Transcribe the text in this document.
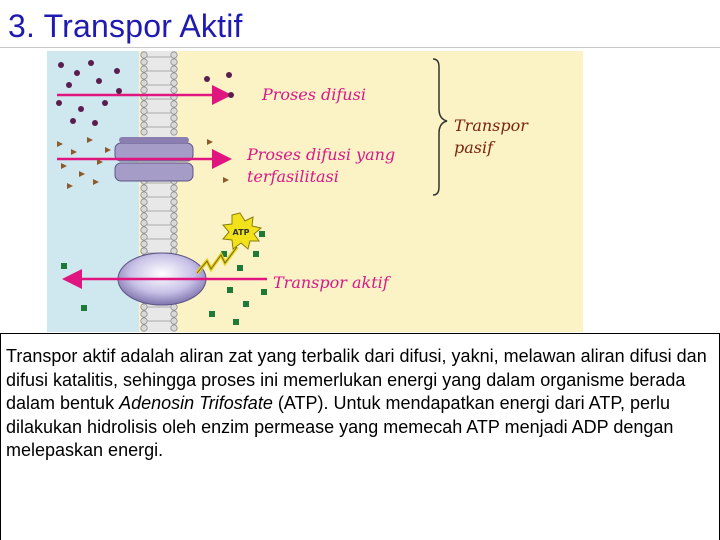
3. Transpor Aktif
ATP
Proses difusi
Proses difusi yang
terfasilitasi
Transpor aktif
Transpor
pasif

Transpor aktif adalah aliran zat yang terbalik dari difusi, yakni, melawan aliran difusi dan difusi katalitis, sehingga proses ini memerlukan energi yang dalam organisme berada dalam bentuk Adenosin Trifosfate (ATP). Untuk mendapatkan energi dari ATP, perlu dilakukan hidrolisis oleh enzim permease yang memecah ATP menjadi ADP dengan melepaskan energi.
